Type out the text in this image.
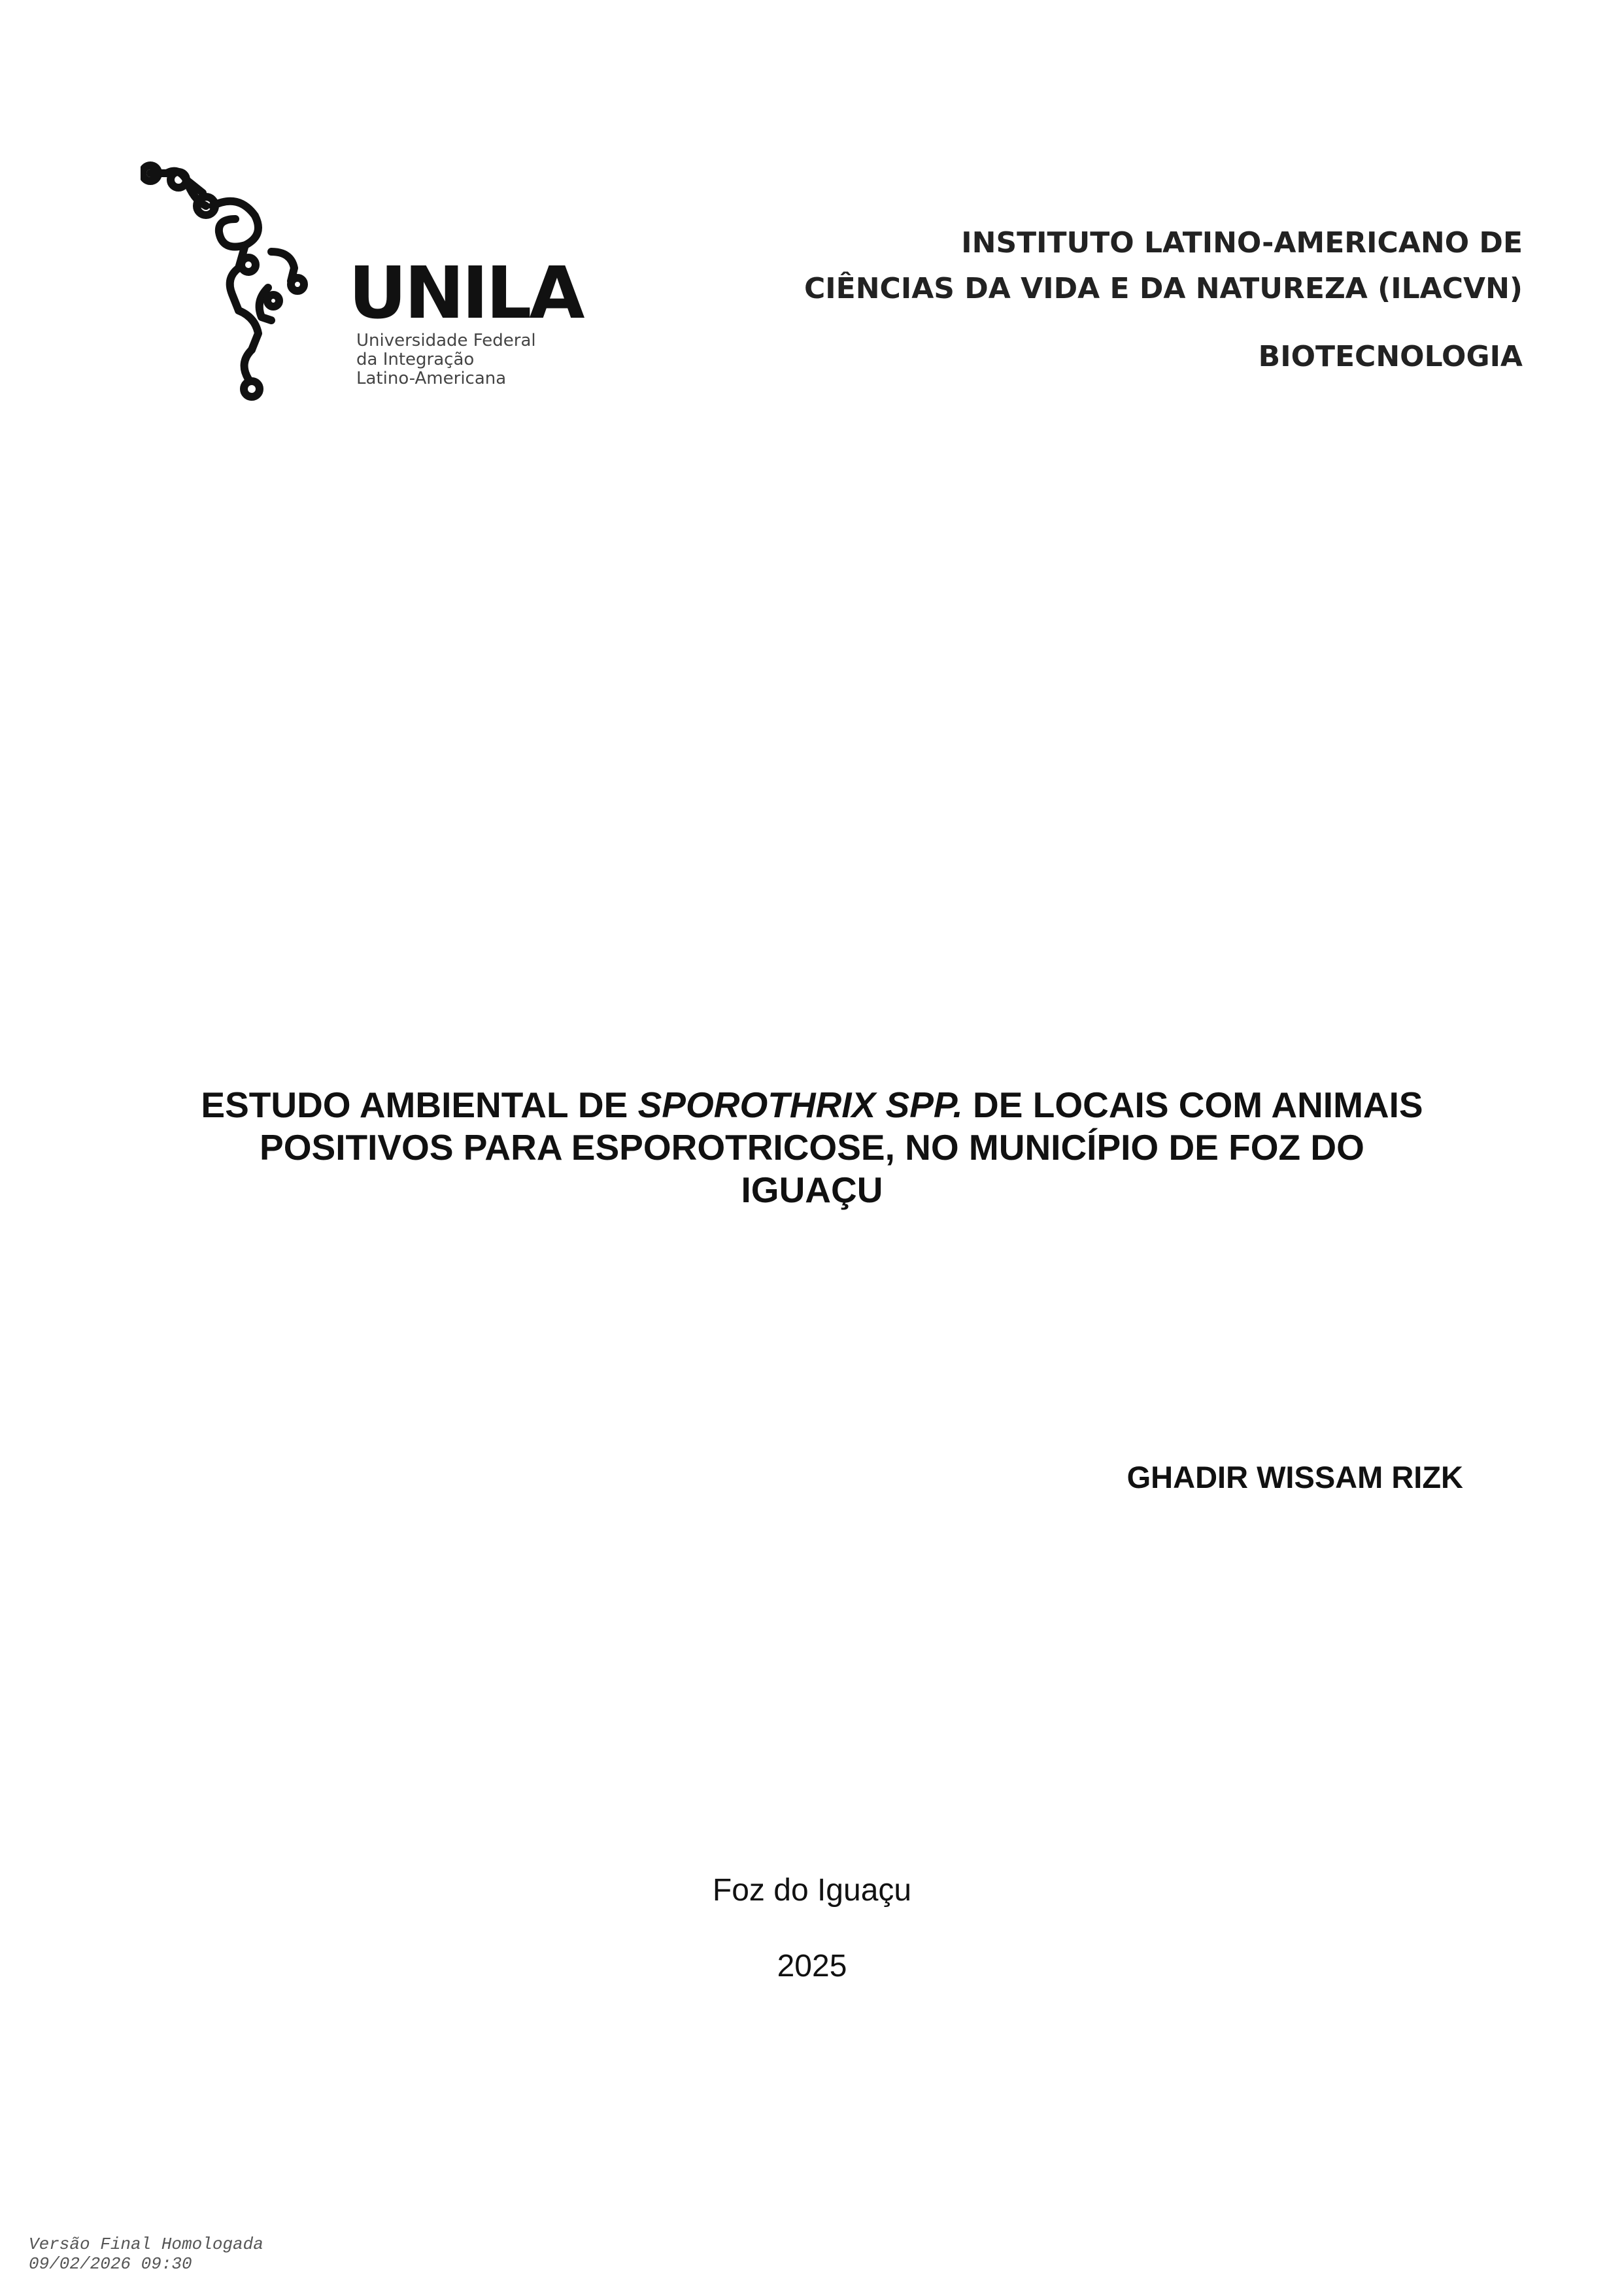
UNILA
Universidade Federal
da Integração
Latino-Americana
INSTITUTO LATINO-AMERICANO DE
CIÊNCIAS DA VIDA E DA NATUREZA (ILACVN)
BIOTECNOLOGIA
ESTUDO AMBIENTAL DE SPOROTHRIX SPP. DE LOCAIS COM ANIMAIS
POSITIVOS PARA ESPOROTRICOSE, NO MUNICÍPIO DE FOZ DO
IGUAÇU
GHADIR WISSAM RIZK
Foz do Iguaçu
2025
Versão Final Homologada
09/02/2026 09:30
